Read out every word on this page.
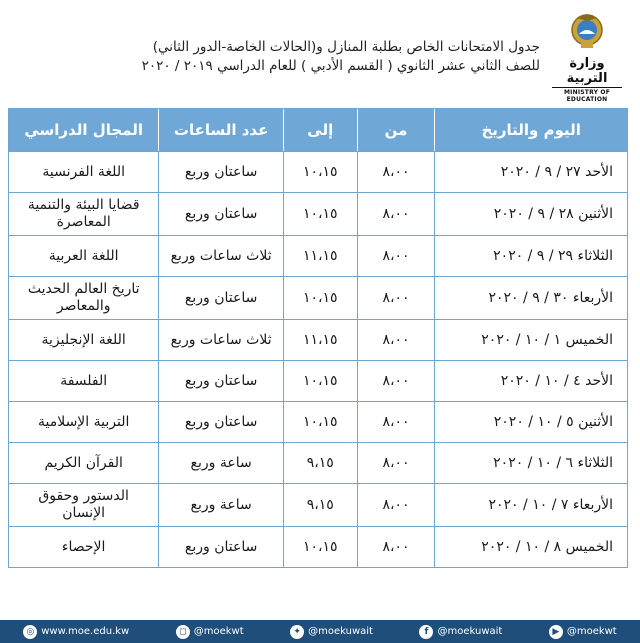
وزارة التربية
MINISTRY OF EDUCATION
جدول الامتحانات الخاص بطلبة المنازل و(الحالات الخاصة-الدور الثاني)
للصف الثاني عشر الثانوي ( القسم الأدبي ) للعام الدراسي ٢٠١٩ / ٢٠٢٠
اليوم والتاريخ	من	إلى	عدد الساعات	المجال الدراسي
الأحد ٢٧ / ٩ / ٢٠٢٠	٨،٠٠	١٠،١٥	ساعتان وربع	اللغة الفرنسية
الأثنين ٢٨ / ٩ / ٢٠٢٠	٨،٠٠	١٠،١٥	ساعتان وربع	قضايا البيئة والتنمية المعاصرة
الثلاثاء ٢٩ / ٩ / ٢٠٢٠	٨،٠٠	١١،١٥	ثلاث ساعات وربع	اللغة العربية
الأربعاء ٣٠ / ٩ / ٢٠٢٠	٨،٠٠	١٠،١٥	ساعتان وربع	تاريخ العالم الحديث والمعاصر
الخميس ١ / ١٠ / ٢٠٢٠	٨،٠٠	١١،١٥	ثلاث ساعات وربع	اللغة الإنجليزية
الأحد ٤ / ١٠ / ٢٠٢٠	٨،٠٠	١٠،١٥	ساعتان وربع	الفلسفة
الأثنين ٥ / ١٠ / ٢٠٢٠	٨،٠٠	١٠،١٥	ساعتان وربع	التربية الإسلامية
الثلاثاء ٦ / ١٠ / ٢٠٢٠	٨،٠٠	٩،١٥	ساعة وربع	القرآن الكريم
الأربعاء ٧ / ١٠ / ٢٠٢٠	٨،٠٠	٩،١٥	ساعة وربع	الدستور وحقوق الإنسان
الخميس ٨ / ١٠ / ٢٠٢٠	٨،٠٠	١٠،١٥	ساعتان وربع	الإحصاء
◎ www.moe.edu.kw	◻ @moekwt	✦ @moekuwait	f @moekuwait	▶ @moekwt
